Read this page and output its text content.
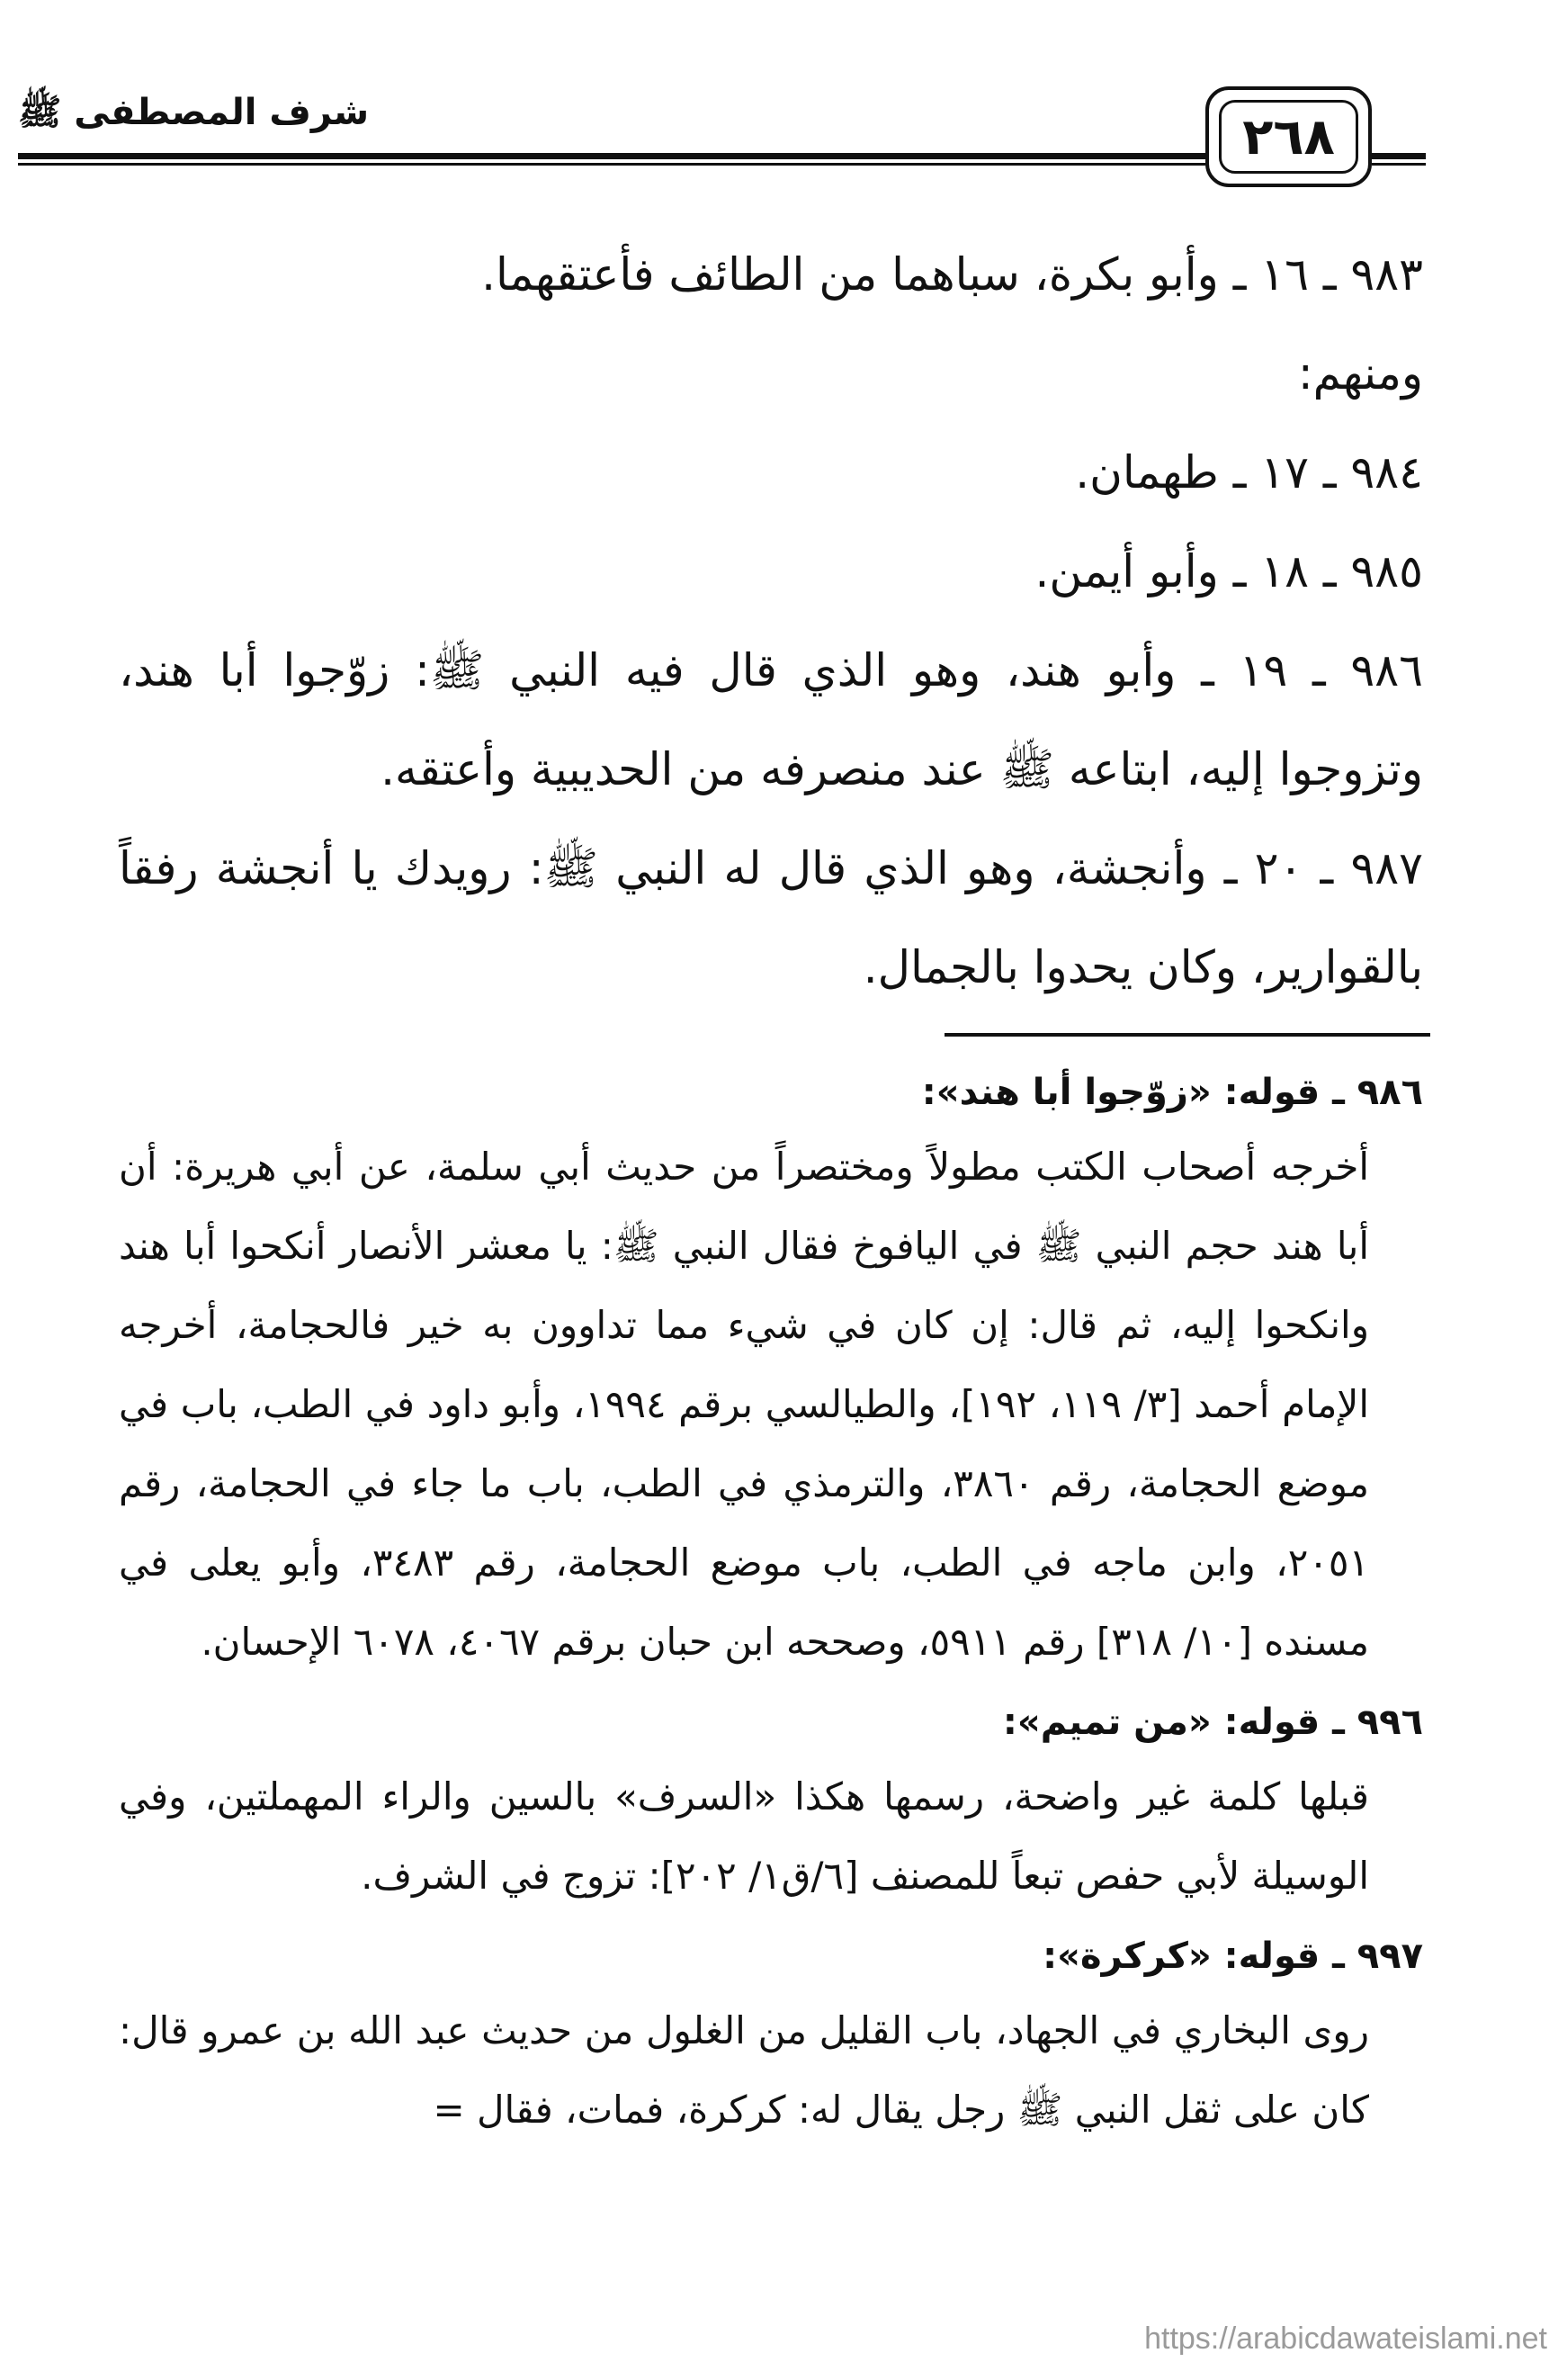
شرف المصطفى ﷺ	٢٦٨

٩٨٣ ـ ١٦ ـ وأبو بكرة، سباهما من الطائف فأعتقهما.

ومنهم:

٩٨٤ ـ ١٧ ـ طهمان.

٩٨٥ ـ ١٨ ـ وأبو أيمن.

٩٨٦ ـ ١٩ ـ وأبو هند، وهو الذي قال فيه النبي ﷺ: زوّجوا أبا هند، وتزوجوا إليه، ابتاعه ﷺ عند منصرفه من الحديبية وأعتقه.

٩٨٧ ـ ٢٠ ـ وأنجشة، وهو الذي قال له النبي ﷺ: رويدك يا أنجشة رفقاً بالقوارير، وكان يحدوا بالجمال.

٩٨٦ ـ قوله: «زوّجوا أبا هند»:

أخرجه أصحاب الكتب مطولاً ومختصراً من حديث أبي سلمة، عن أبي هريرة: أن أبا هند حجم النبي ﷺ في اليافوخ فقال النبي ﷺ: يا معشر الأنصار أنكحوا أبا هند وانكحوا إليه، ثم قال: إن كان في شيء مما تداوون به خير فالحجامة، أخرجه الإمام أحمد [٣/ ١١٩، ١٩٢]، والطيالسي برقم ١٩٩٤، وأبو داود في الطب، باب في موضع الحجامة، رقم ٣٨٦٠، والترمذي في الطب، باب ما جاء في الحجامة، رقم ٢٠٥١، وابن ماجه في الطب، باب موضع الحجامة، رقم ٣٤٨٣، وأبو يعلى في مسنده [١٠/ ٣١٨] رقم ٥٩١١، وصححه ابن حبان برقم ٤٠٦٧، ٦٠٧٨ الإحسان.

٩٩٦ ـ قوله: «من تميم»:

قبلها كلمة غير واضحة، رسمها هكذا «السرف» بالسين والراء المهملتين، وفي الوسيلة لأبي حفص تبعاً للمصنف [٦/ق١/ ٢٠٢]: تزوج في الشرف.

٩٩٧ ـ قوله: «كركرة»:

روى البخاري في الجهاد، باب القليل من الغلول من حديث عبد الله بن عمرو قال: كان على ثقل النبي ﷺ رجل يقال له: كركرة، فمات، فقال =

https://arabicdawateislami.net
